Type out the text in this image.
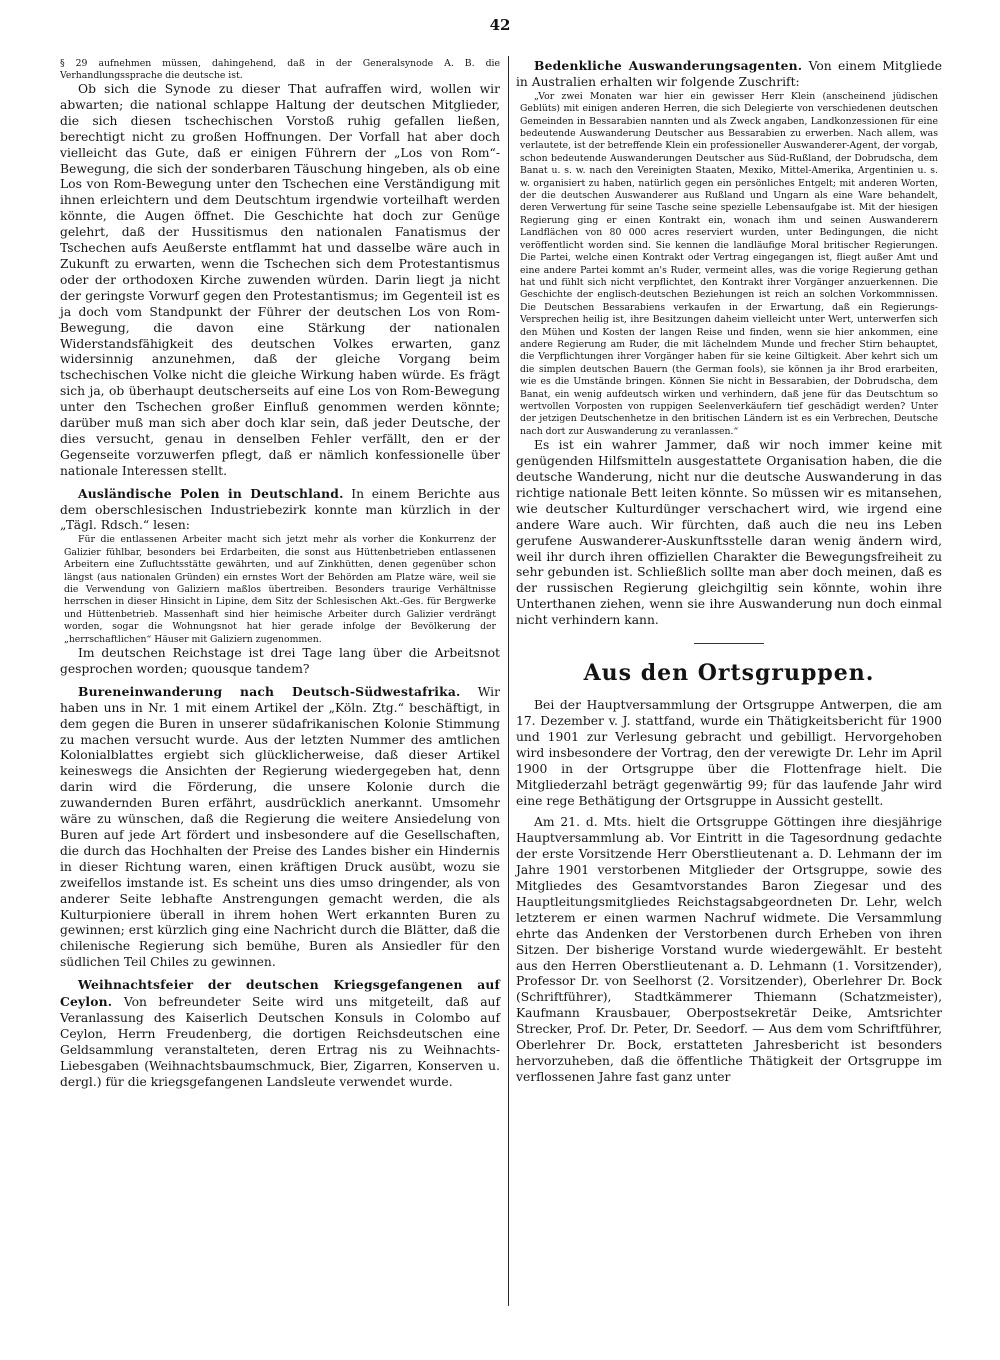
42

§ 29 aufnehmen müssen, dahingehend, daß in der Generalsynode A. B. die Verhandlungssprache die deutsche ist.

Ob sich die Synode zu dieser That aufraffen wird, wollen wir abwarten; die national schlappe Haltung der deutschen Mitglieder, die sich diesen tschechischen Vorstoß ruhig gefallen ließen, berechtigt nicht zu großen Hoffnungen. Der Vorfall hat aber doch vielleicht das Gute, daß er einigen Führern der „Los von Rom“-Bewegung, die sich der sonderbaren Täuschung hingeben, als ob eine Los von Rom-Bewegung unter den Tschechen eine Verständigung mit ihnen erleichtern und dem Deutschtum irgendwie vorteilhaft werden könnte, die Augen öffnet. Die Geschichte hat doch zur Genüge gelehrt, daß der Hussitismus den nationalen Fanatismus der Tschechen aufs Aeußerste entflammt hat und dasselbe wäre auch in Zukunft zu erwarten, wenn die Tschechen sich dem Protestantismus oder der orthodoxen Kirche zuwenden würden. Darin liegt ja nicht der geringste Vorwurf gegen den Protestantismus; im Gegenteil ist es ja doch vom Standpunkt der Führer der deutschen Los von Rom-Bewegung, die davon eine Stärkung der nationalen Widerstandsfähigkeit des deutschen Volkes erwarten, ganz widersinnig anzunehmen, daß der gleiche Vorgang beim tschechischen Volke nicht die gleiche Wirkung haben würde. Es frägt sich ja, ob überhaupt deutscherseits auf eine Los von Rom-Bewegung unter den Tschechen großer Einfluß genommen werden könnte; darüber muß man sich aber doch klar sein, daß jeder Deutsche, der dies versucht, genau in denselben Fehler verfällt, den er der Gegenseite vorzuwerfen pflegt, daß er nämlich konfessionelle über nationale Interessen stellt.

Ausländische Polen in Deutschland. In einem Berichte aus dem oberschlesischen Industriebezirk konnte man kürzlich in der „Tägl. Rdsch.“ lesen:

Für die entlassenen Arbeiter macht sich jetzt mehr als vorher die Konkurrenz der Galizier fühlbar, besonders bei Erdarbeiten, die sonst aus Hüttenbetrieben entlassenen Arbeitern eine Zufluchtsstätte gewährten, und auf Zinkhütten, denen gegenüber schon längst (aus nationalen Gründen) ein ernstes Wort der Behörden am Platze wäre, weil sie die Verwendung von Galiziern maßlos übertreiben. Besonders traurige Verhältnisse herrschen in dieser Hinsicht in Lipine, dem Sitz der Schlesischen Akt.-Ges. für Bergwerke und Hüttenbetrieb. Massenhaft sind hier heimische Arbeiter durch Galizier verdrängt worden, sogar die Wohnungsnot hat hier gerade infolge der Bevölkerung der „herrschaftlichen“ Häuser mit Galiziern zugenommen.

Im deutschen Reichstage ist drei Tage lang über die Arbeitsnot gesprochen worden; quousque tandem?

Bureneinwanderung nach Deutsch-Südwestafrika. Wir haben uns in Nr. 1 mit einem Artikel der „Köln. Ztg.“ beschäftigt, in dem gegen die Buren in unserer südafrikanischen Kolonie Stimmung zu machen versucht wurde. Aus der letzten Nummer des amtlichen Kolonialblattes ergiebt sich glücklicherweise, daß dieser Artikel keineswegs die Ansichten der Regierung wiedergegeben hat, denn darin wird die Förderung, die unsere Kolonie durch die zuwandernden Buren erfährt, ausdrücklich anerkannt. Umsomehr wäre zu wünschen, daß die Regierung die weitere Ansiedelung von Buren auf jede Art fördert und insbesondere auf die Gesellschaften, die durch das Hochhalten der Preise des Landes bisher ein Hindernis in dieser Richtung waren, einen kräftigen Druck ausübt, wozu sie zweifellos imstande ist. Es scheint uns dies umso dringender, als von anderer Seite lebhafte Anstrengungen gemacht werden, die als Kulturpioniere überall in ihrem hohen Wert erkannten Buren zu gewinnen; erst kürzlich ging eine Nachricht durch die Blätter, daß die chilenische Regierung sich bemühe, Buren als Ansiedler für den südlichen Teil Chiles zu gewinnen.

Weihnachtsfeier der deutschen Kriegsgefangenen auf Ceylon. Von befreundeter Seite wird uns mitgeteilt, daß auf Veranlassung des Kaiserlich Deutschen Konsuls in Colombo auf Ceylon, Herrn Freudenberg, die dortigen Reichsdeutschen eine Geldsammlung veranstalteten, deren Ertrag nis zu Weihnachts-Liebesgaben (Weihnachtsbaumschmuck, Bier, Zigarren, Konserven u. dergl.) für die kriegsgefangenen Landsleute verwendet wurde.

Bedenkliche Auswanderungsagenten. Von einem Mitgliede in Australien erhalten wir folgende Zuschrift:

„Vor zwei Monaten war hier ein gewisser Herr Klein (anscheinend jüdischen Geblüts) mit einigen anderen Herren, die sich Delegierte von verschiedenen deutschen Gemeinden in Bessarabien nannten und als Zweck angaben, Landkonzessionen für eine bedeutende Auswanderung Deutscher aus Bessarabien zu erwerben. Nach allem, was verlautete, ist der betreffende Klein ein professioneller Auswanderer-Agent, der vorgab, schon bedeutende Auswanderungen Deutscher aus Süd-Rußland, der Dobrudscha, dem Banat u. s. w. nach den Vereinigten Staaten, Mexiko, Mittel-Amerika, Argentinien u. s. w. organisiert zu haben, natürlich gegen ein persönliches Entgelt; mit anderen Worten, der die deutschen Auswanderer aus Rußland und Ungarn als eine Ware behandelt, deren Verwertung für seine Tasche seine spezielle Lebensaufgabe ist. Mit der hiesigen Regierung ging er einen Kontrakt ein, wonach ihm und seinen Auswanderern Landflächen von 80 000 acres reserviert wurden, unter Bedingungen, die nicht veröffentlicht worden sind. Sie kennen die landläufige Moral britischer Regierungen. Die Partei, welche einen Kontrakt oder Vertrag eingegangen ist, fliegt außer Amt und eine andere Partei kommt an's Ruder, vermeint alles, was die vorige Regierung gethan hat und fühlt sich nicht verpflichtet, den Kontrakt ihrer Vorgänger anzuerkennen. Die Geschichte der englisch-deutschen Beziehungen ist reich an solchen Vorkommnissen. Die Deutschen Bessarabiens verkaufen in der Erwartung, daß ein Regierungs-Versprechen heilig ist, ihre Besitzungen daheim vielleicht unter Wert, unterwerfen sich den Mühen und Kosten der langen Reise und finden, wenn sie hier ankommen, eine andere Regierung am Ruder, die mit lächelndem Munde und frecher Stirn behauptet, die Verpflichtungen ihrer Vorgänger haben für sie keine Giltigkeit. Aber kehrt sich um die simplen deutschen Bauern (the German fools), sie können ja ihr Brod erarbeiten, wie es die Umstände bringen. Können Sie nicht in Bessarabien, der Dobrudscha, dem Banat, ein wenig aufdeutsch wirken und verhindern, daß jene für das Deutschtum so wertvollen Vorposten von ruppigen Seelenverkäufern tief geschädigt werden? Unter der jetzigen Deutschenhetze in den britischen Ländern ist es ein Verbrechen, Deutsche nach dort zur Auswanderung zu veranlassen.“

Es ist ein wahrer Jammer, daß wir noch immer keine mit genügenden Hilfsmitteln ausgestattete Organisation haben, die die deutsche Wanderung, nicht nur die deutsche Auswanderung in das richtige nationale Bett leiten könnte. So müssen wir es mitansehen, wie deutscher Kulturdünger verschachert wird, wie irgend eine andere Ware auch. Wir fürchten, daß auch die neu ins Leben gerufene Auswanderer-Auskunftsstelle daran wenig ändern wird, weil ihr durch ihren offiziellen Charakter die Bewegungsfreiheit zu sehr gebunden ist. Schließlich sollte man aber doch meinen, daß es der russischen Regierung gleichgiltig sein könnte, wohin ihre Unterthanen ziehen, wenn sie ihre Auswanderung nun doch einmal nicht verhindern kann.

Aus den Ortsgruppen.

Bei der Hauptversammlung der Ortsgruppe Antwerpen, die am 17. Dezember v. J. stattfand, wurde ein Thätigkeitsbericht für 1900 und 1901 zur Verlesung gebracht und gebilligt. Hervorgehoben wird insbesondere der Vortrag, den der verewigte Dr. Lehr im April 1900 in der Ortsgruppe über die Flottenfrage hielt. Die Mitgliederzahl beträgt gegenwärtig 99; für das laufende Jahr wird eine rege Bethätigung der Ortsgruppe in Aussicht gestellt.

Am 21. d. Mts. hielt die Ortsgruppe Göttingen ihre diesjährige Hauptversammlung ab. Vor Eintritt in die Tagesordnung gedachte der erste Vorsitzende Herr Oberstlieutenant a. D. Lehmann der im Jahre 1901 verstorbenen Mitglieder der Ortsgruppe, sowie des Mitgliedes des Gesamtvorstandes Baron Ziegesar und des Hauptleitungsmitgliedes Reichstagsabgeordneten Dr. Lehr, welch letzterem er einen warmen Nachruf widmete. Die Versammlung ehrte das Andenken der Verstorbenen durch Erheben von ihren Sitzen. Der bisherige Vorstand wurde wiedergewählt. Er besteht aus den Herren Oberstlieutenant a. D. Lehmann (1. Vorsitzender), Professor Dr. von Seelhorst (2. Vorsitzender), Oberlehrer Dr. Bock (Schriftführer), Stadtkämmerer Thiemann (Schatzmeister), Kaufmann Krausbauer, Oberpostsekretär Deike, Amtsrichter Strecker, Prof. Dr. Peter, Dr. Seedorf. — Aus dem vom Schriftführer, Oberlehrer Dr. Bock, erstatteten Jahresbericht ist besonders hervorzuheben, daß die öffentliche Thätigkeit der Ortsgruppe im verflossenen Jahre fast ganz unter
